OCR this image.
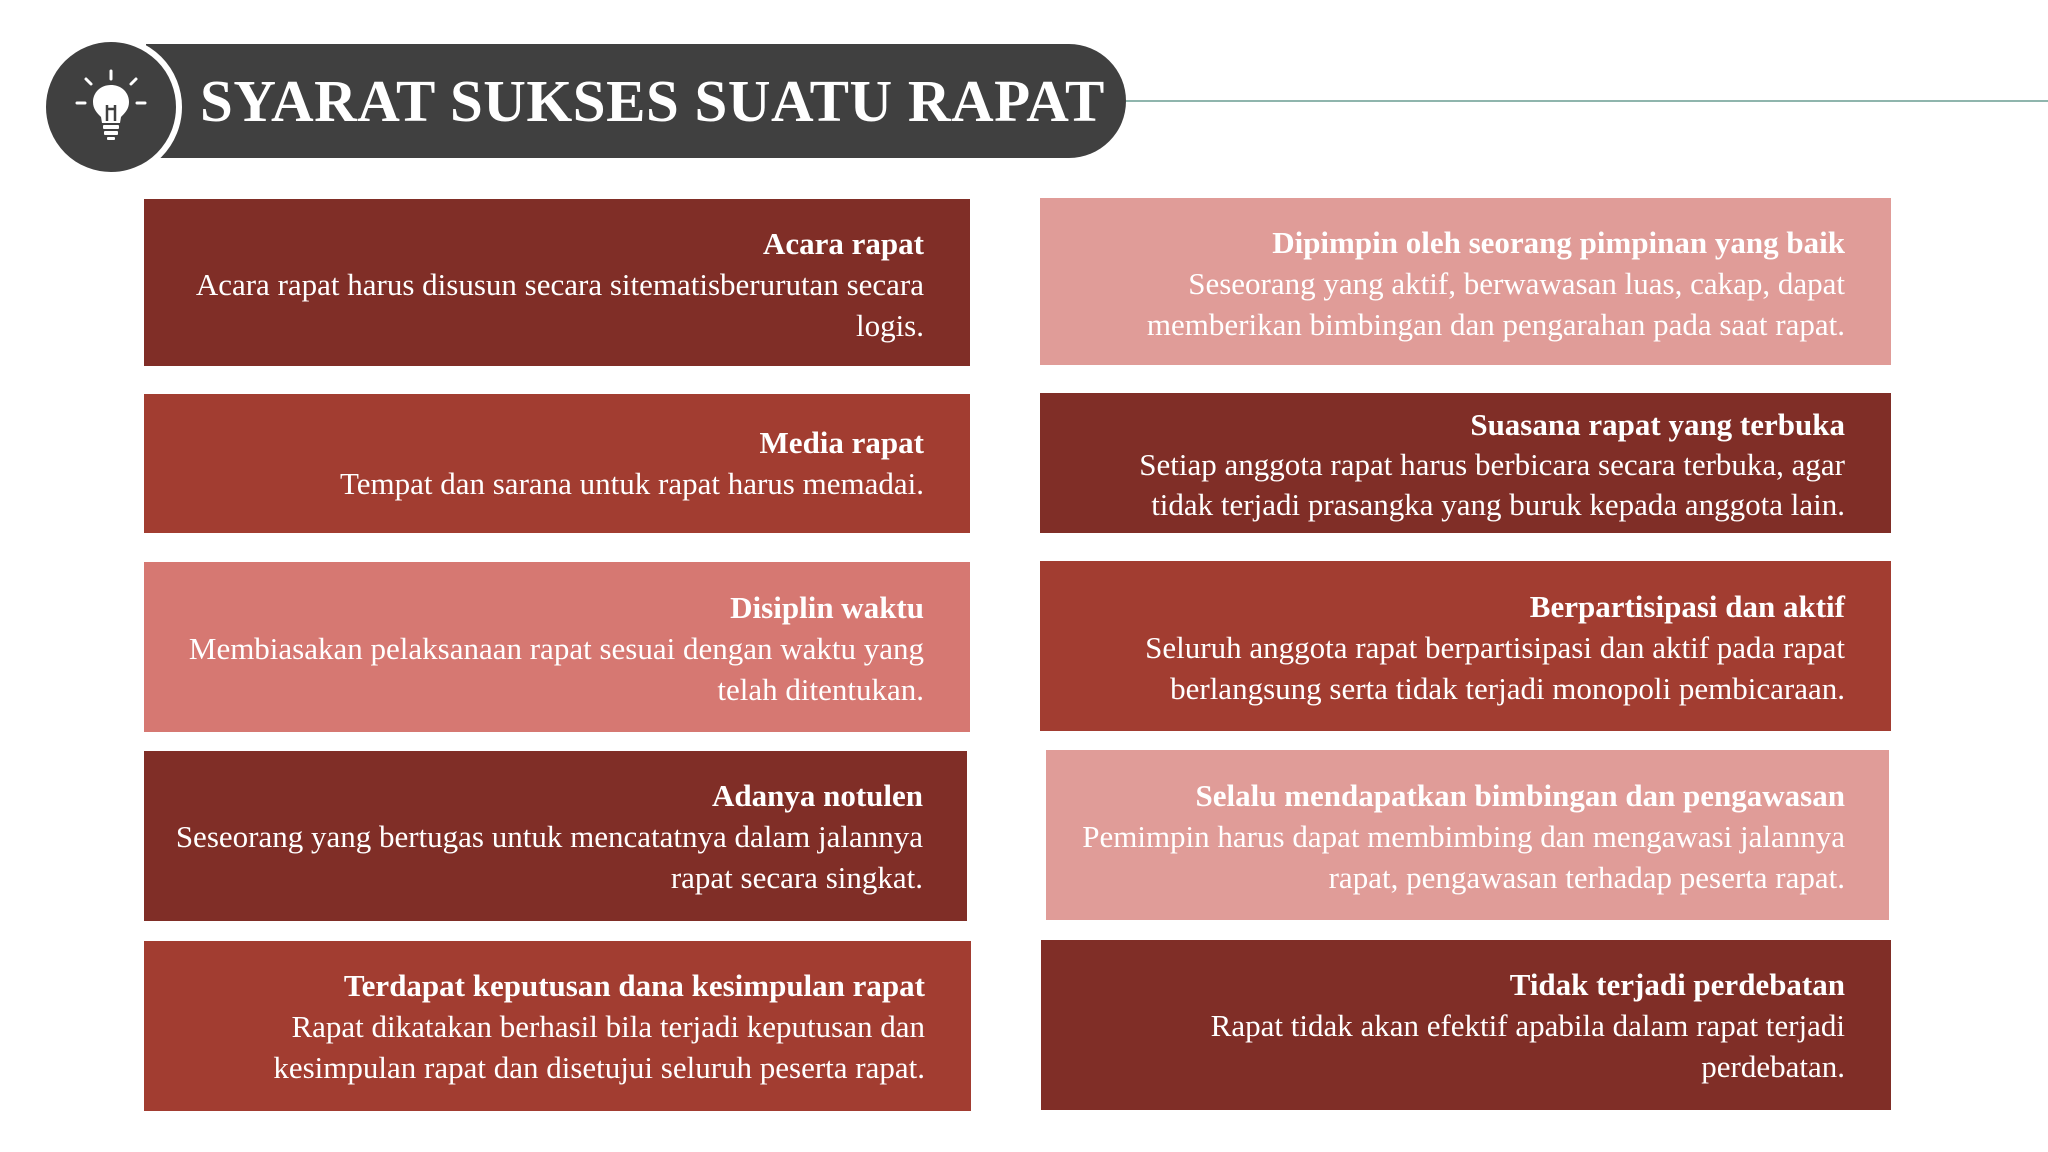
SYARAT SUKSES SUATU RAPAT
Acara rapat
Acara rapat harus disusun secara sitematisberurutan secara logis.
Media rapat
Tempat dan sarana untuk rapat harus memadai.
Disiplin waktu
Membiasakan pelaksanaan rapat sesuai dengan waktu yang telah ditentukan.
Adanya notulen
Seseorang yang bertugas untuk mencatatnya dalam jalannya rapat secara singkat.
Terdapat keputusan dana kesimpulan rapat
Rapat dikatakan berhasil bila terjadi keputusan dan kesimpulan rapat dan disetujui seluruh peserta rapat.
Dipimpin oleh seorang pimpinan yang baik
Seseorang yang aktif, berwawasan luas, cakap, dapat memberikan bimbingan dan pengarahan pada saat rapat.
Suasana rapat yang terbuka
Setiap anggota rapat harus berbicara secara terbuka, agar tidak terjadi prasangka yang buruk kepada anggota lain.
Berpartisipasi dan aktif
Seluruh anggota rapat berpartisipasi dan aktif pada rapat berlangsung serta tidak terjadi monopoli pembicaraan.
Selalu mendapatkan bimbingan dan pengawasan
Pemimpin harus dapat membimbing dan mengawasi jalannya rapat, pengawasan terhadap peserta rapat.
Tidak terjadi perdebatan
Rapat tidak akan efektif apabila dalam rapat terjadi perdebatan.
